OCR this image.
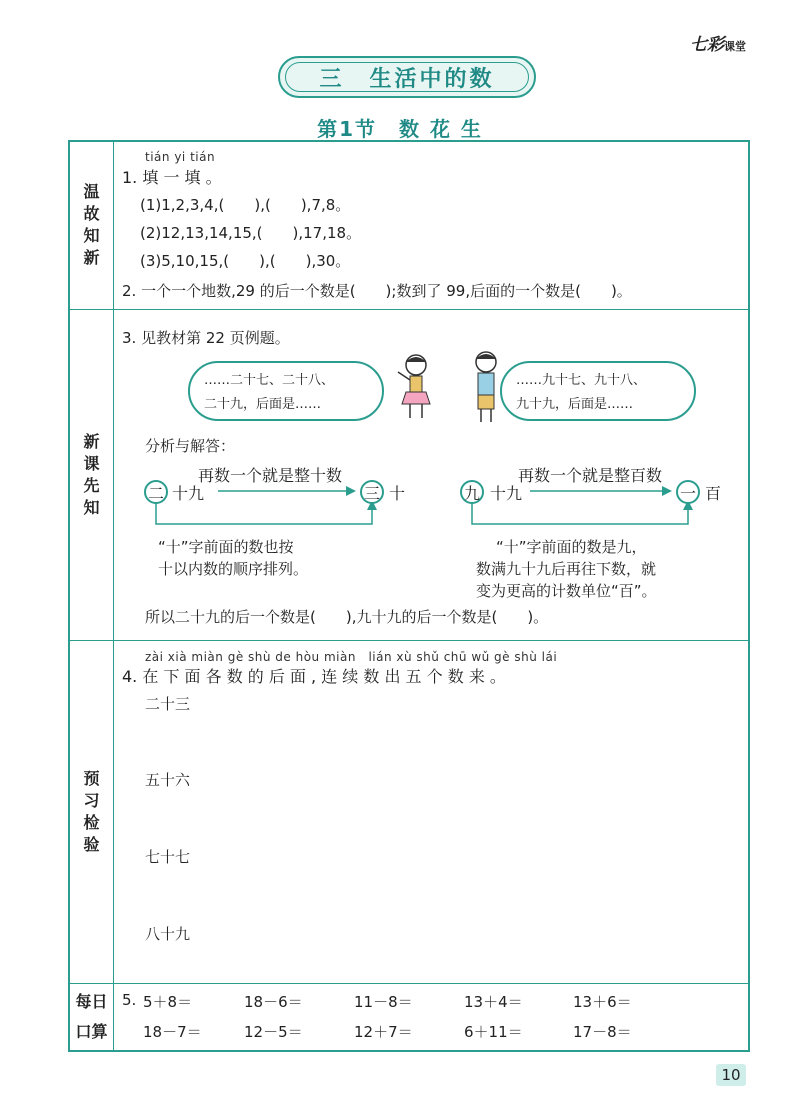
七彩课堂
三　生活中的数
第1节　数 花 生
温故知新
新课先知
预习检验
每日口算
tián yi tián
1. 填 一 填 。
(1)1,2,3,4,(　　),(　　),7,8。
(2)12,13,14,15,(　　),17,18。
(3)5,10,15,(　　),(　　),30。
2. 一个一个地数,29 的后一个数是(　　);数到了 99,后面的一个数是(　　)。
3. 见教材第 22 页例题。
……二十七、二十八、
二十九，后面是……
……九十七、九十八、
九十九，后面是……
分析与解答：
再数一个就是整十数
二 十九	三 十
“十”字前面的数也按
十以内数的顺序排列。
再数一个就是整百数
九 十九	一 百
“十”字前面的数是九，
数满九十九后再往下数，就
变为更高的计数单位“百”。
所以二十九的后一个数是(　　),九十九的后一个数是(　　)。
zài xià miàn gè shù de hòu miàn　lián xù shǔ chū wǔ gè shù lái
4. 在 下 面 各 数 的 后 面 , 连 续 数 出 五 个 数 来 。
二十三
五十六
七十七
八十九
5. 5＋8＝	18－6＝	11－8＝	13＋4＝	13＋6＝
18－7＝	12－5＝	12＋7＝	6＋11＝	17－8＝
10
